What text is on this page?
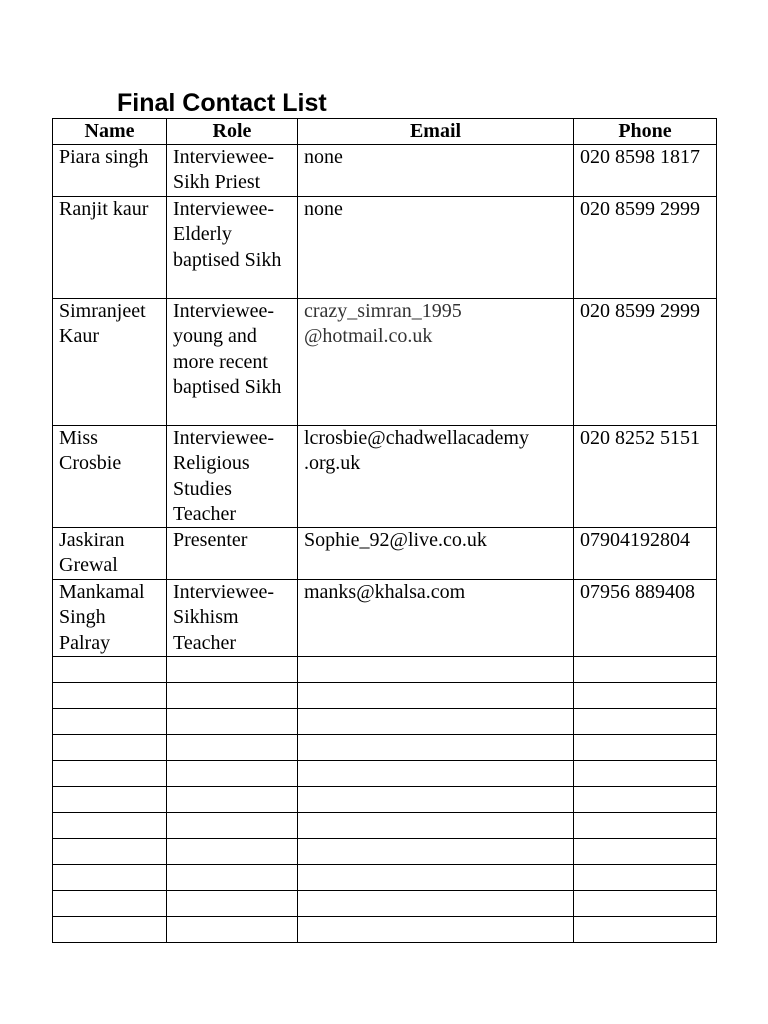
Final Contact List
Name	Role	Email	Phone
Piara singh	Interviewee- Sikh Priest	none	020 8598 1817
Ranjit kaur	Interviewee- Elderly baptised Sikh	none	020 8599 2999
Simranjeet Kaur	Interviewee- young and more recent baptised Sikh	crazy_simran_1995 @hotmail.co.uk	020 8599 2999
Miss Crosbie	Interviewee- Religious Studies Teacher	lcrosbie@chadwellacademy .org.uk	020 8252 5151
Jaskiran Grewal	Presenter	Sophie_92@live.co.uk	07904192804
Mankamal Singh Palray	Interviewee- Sikhism Teacher	manks@khalsa.com	07956 889408
